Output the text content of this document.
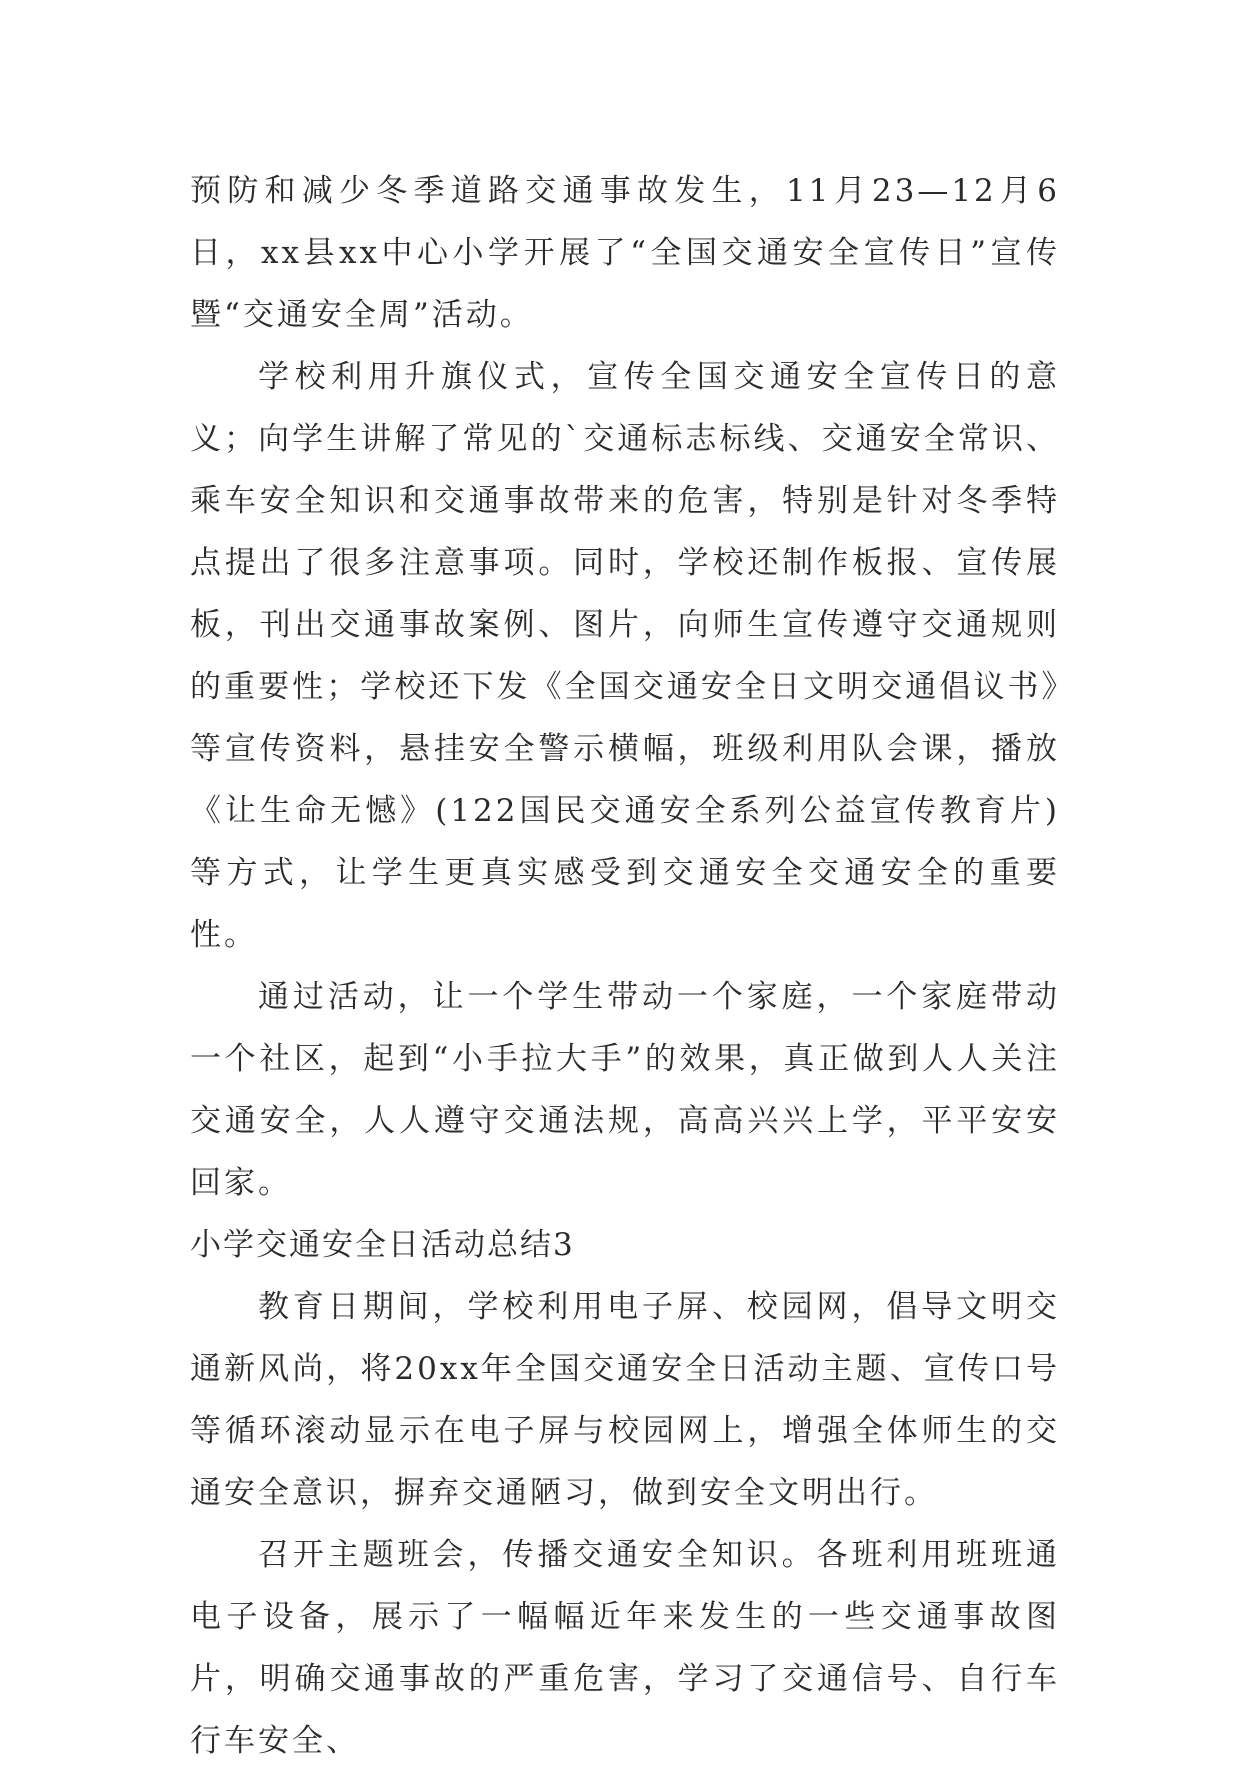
预防和减少冬季道路交通事故发生，11月23—12月6日，xx县xx中心小学开展了“全国交通安全宣传日”宣传暨“交通安全周”活动。

学校利用升旗仪式，宣传全国交通安全宣传日的意义；向学生讲解了常见的`交通标志标线、交通安全常识、乘车安全知识和交通事故带来的危害，特别是针对冬季特点提出了很多注意事项。同时，学校还制作板报、宣传展板，刊出交通事故案例、图片，向师生宣传遵守交通规则的重要性；学校还下发《全国交通安全日文明交通倡议书》等宣传资料，悬挂安全警示横幅，班级利用队会课，播放《让生命无憾》(122国民交通安全系列公益宣传教育片)等方式，让学生更真实感受到交通安全交通安全的重要性。

通过活动，让一个学生带动一个家庭，一个家庭带动一个社区，起到“小手拉大手”的效果，真正做到人人关注交通安全，人人遵守交通法规，高高兴兴上学，平平安安回家。

小学交通安全日活动总结3

教育日期间，学校利用电子屏、校园网，倡导文明交通新风尚，将20xx年全国交通安全日活动主题、宣传口号等循环滚动显示在电子屏与校园网上，增强全体师生的交通安全意识，摒弃交通陋习，做到安全文明出行。

召开主题班会，传播交通安全知识。各班利用班班通电子设备，展示了一幅幅近年来发生的一些交通事故图片，明确交通事故的严重危害，学习了交通信号、自行车行车安全、
